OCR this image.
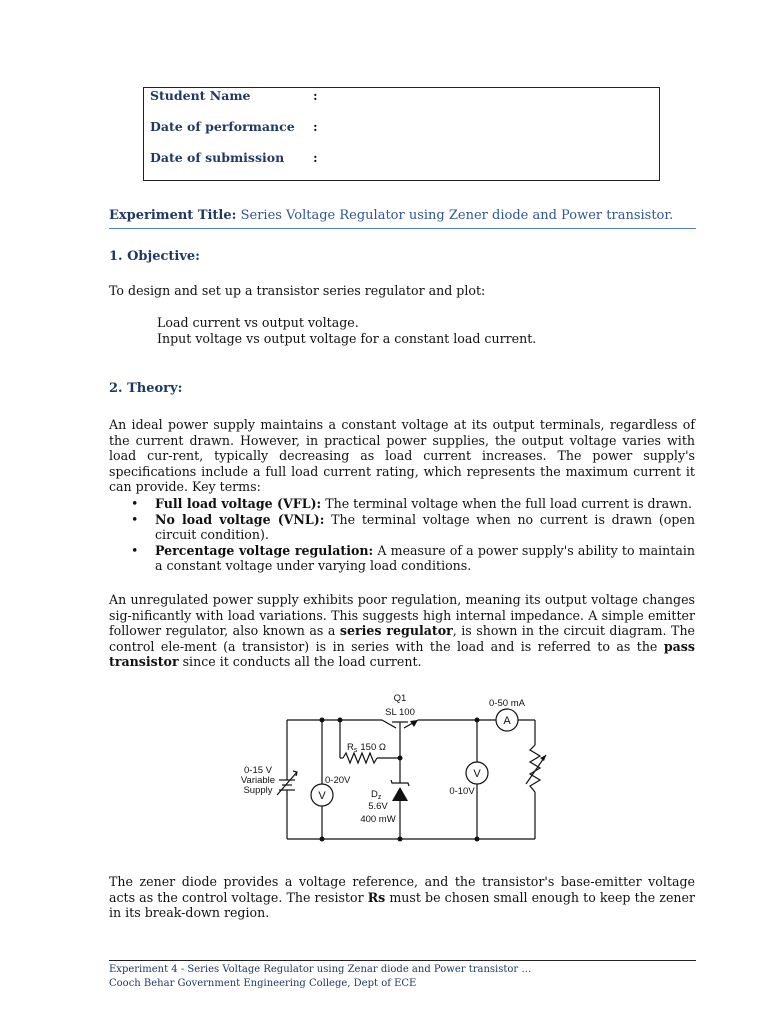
Student Name	:
Date of performance :
Date of submission :
Experiment Title: Series Voltage Regulator using Zener diode and Power transistor.
1. Objective:
To design and set up a transistor series regulator and plot:
Load current vs output voltage.
Input voltage vs output voltage for a constant load current.
2. Theory:
An ideal power supply maintains a constant voltage at its output terminals, regardless of the current drawn. However, in practical power supplies, the output voltage varies with load cur-rent, typically decreasing as load current increases. The power supply's specifications include a full load current rating, which represents the maximum current it can provide. Key terms:
• Full load voltage (VFL): The terminal voltage when the full load current is drawn.
• No load voltage (VNL): The terminal voltage when no current is drawn (open circuit condition).
• Percentage voltage regulation: A measure of a power supply's ability to maintain a constant voltage under varying load conditions.
An unregulated power supply exhibits poor regulation, meaning its output voltage changes sig-nificantly with load variations. This suggests high internal impedance. A simple emitter follower regulator, also known as a series regulator, is shown in the circuit diagram. The control ele-ment (a transistor) is in series with the load and is referred to as the pass transistor since it conducts all the load current.
A
V
V
Q1
SL 100
0-50 mA
$R_s$ 150 Ω
0-15 V
Variable
Supply
0-20V
$D_z$
5.6V
400 mW
0-10V
The zener diode provides a voltage reference, and the transistor's base-emitter voltage acts as the control voltage. The resistor Rs must be chosen small enough to keep the zener in its break-down region.
Experiment 4 - Series Voltage Regulator using Zenar diode and Power transistor …
Cooch Behar Government Engineering College, Dept of ECE
